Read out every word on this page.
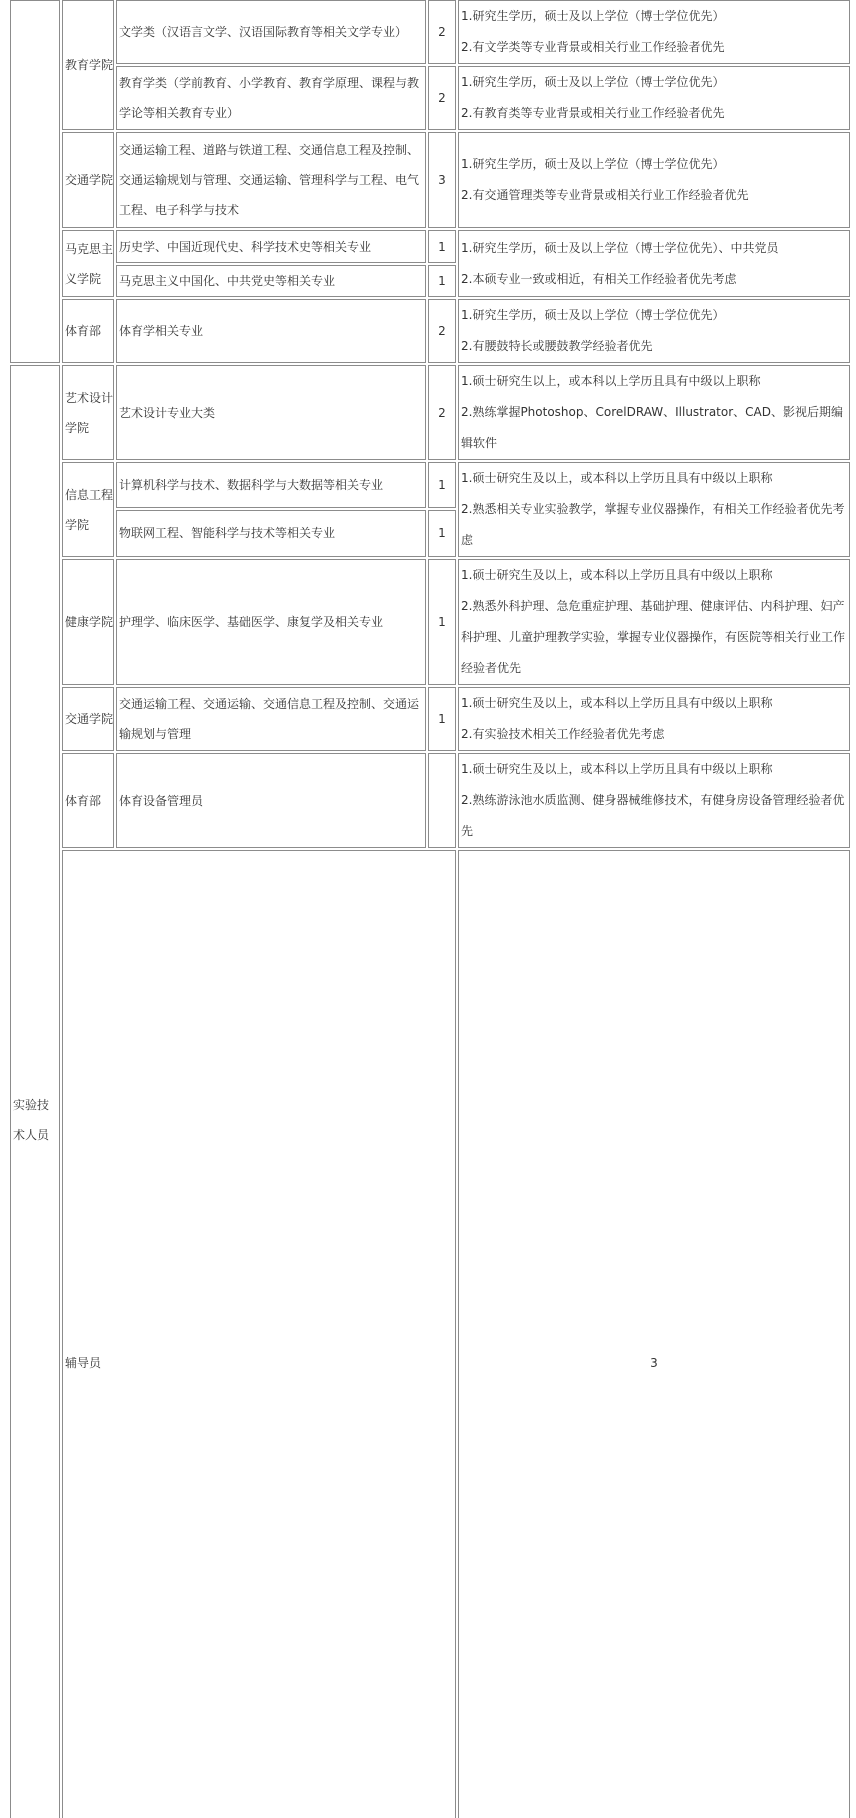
	教育学院	文学类（汉语言文学、汉语国际教育等相关文学专业）	2	1.研究生学历，硕士及以上学位（博士学位优先）
2.有文学类等专业背景或相关行业工作经验者优先	

		教育学类（学前教育、小学教育、教育学原理、课程与教学论等相关教育专业）	2	1.研究生学历，硕士及以上学位（博士学位优先）
2.有教育类等专业背景或相关行业工作经验者优先	

	交通学院	交通运输工程、道路与铁道工程、交通信息工程及控制、交通运输规划与管理、交通运输、管理科学与工程、电气工程、电子科学与技术	3	1.研究生学历，硕士及以上学位（博士学位优先）
2.有交通管理类等专业背景或相关行业工作经验者优先	

	马克思主义学院	历史学、中国近现代史、科学技术史等相关专业	1	1.研究生学历，硕士及以上学位（博士学位优先）、中共党员
2.本硕专业一致或相近，有相关工作经验者优先考虑	

		马克思主义中国化、中共党史等相关专业	1		
	体育部	体育学相关专业	2	1.研究生学历，硕士及以上学位（博士学位优先）
2.有腰鼓特长或腰鼓教学经验者优先	

实验技术人员	艺术设计学院	艺术设计专业大类	2	1.硕士研究生以上，或本科以上学历且具有中级以上职称
2.熟练掌握Photoshop、CorelDRAW、Illustrator、CAD、影视后期编辑软件	

	信息工程学院	计算机科学与技术、数据科学与大数据等相关专业	1	1.硕士研究生及以上，或本科以上学历且具有中级以上职称
2.熟悉相关专业实验教学，掌握专业仪器操作，有相关工作经验者优先考虑	

		物联网工程、智能科学与技术等相关专业	1		
	健康学院	护理学、临床医学、基础医学、康复学及相关专业	1	1.硕士研究生及以上，或本科以上学历且具有中级以上职称
2.熟悉外科护理、急危重症护理、基础护理、健康评估、内科护理、妇产科护理、儿童护理教学实验，掌握专业仪器操作，有医院等相关行业工作经验者优先	

	交通学院	交通运输工程、交通运输、交通信息工程及控制、交通运输规划与管理	1	1.硕士研究生及以上，或本科以上学历且具有中级以上职称
2.有实验技术相关工作经验者优先考虑	

	体育部	体育设备管理员		1.硕士研究生及以上，或本科以上学历且具有中级以上职称
2.熟练游泳池水质监测、健身器械维修技术，有健身房设备管理经验者优先	

	辅导员			3	
